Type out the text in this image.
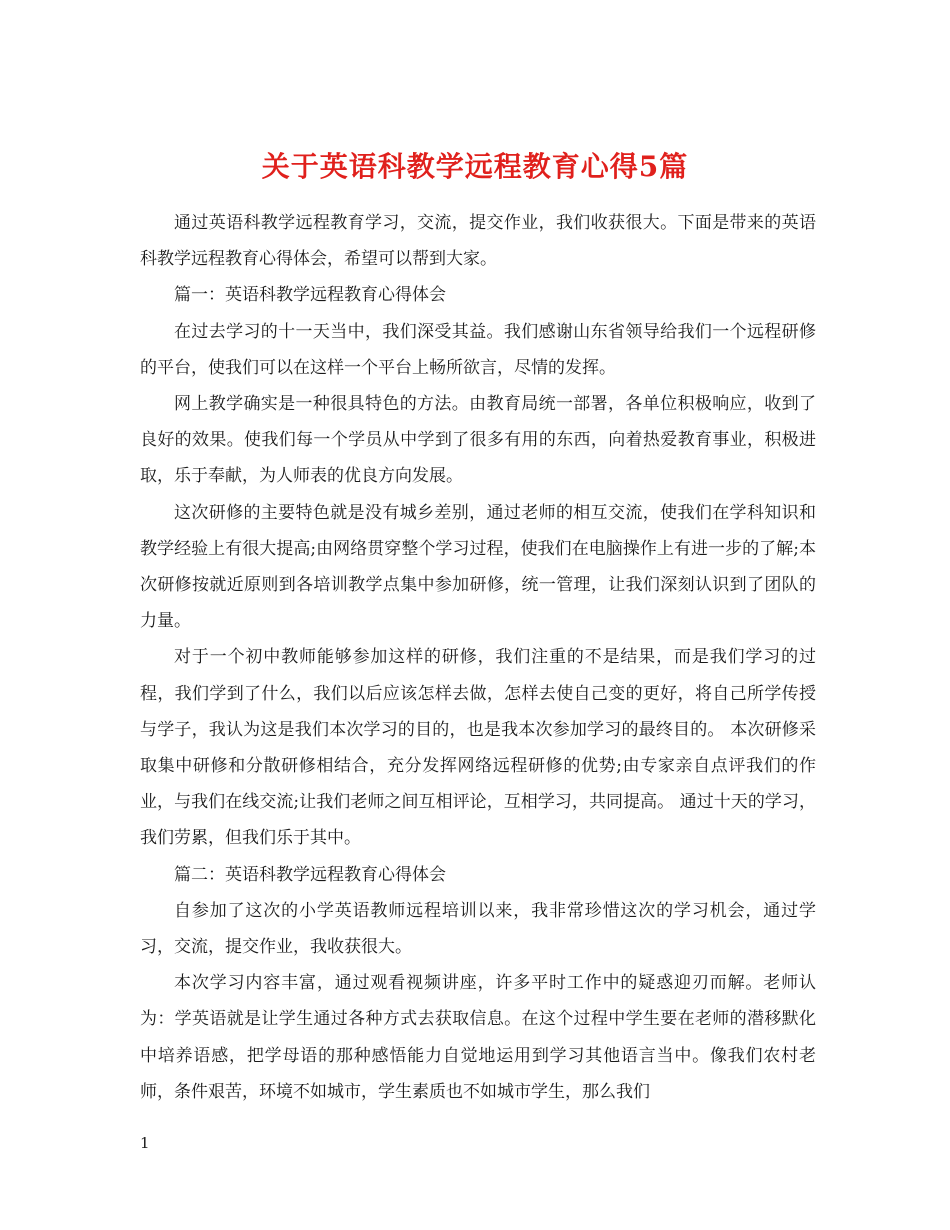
关于英语科教学远程教育心得5篇

通过英语科教学远程教育学习，交流，提交作业，我们收获很大。下面是带来的英语科教学远程教育心得体会，希望可以帮到大家。

篇一：英语科教学远程教育心得体会

在过去学习的十一天当中，我们深受其益。我们感谢山东省领导给我们一个远程研修的平台，使我们可以在这样一个平台上畅所欲言，尽情的发挥。

网上教学确实是一种很具特色的方法。由教育局统一部署，各单位积极响应，收到了良好的效果。使我们每一个学员从中学到了很多有用的东西，向着热爱教育事业，积极进取，乐于奉献，为人师表的优良方向发展。

这次研修的主要特色就是没有城乡差别，通过老师的相互交流，使我们在学科知识和教学经验上有很大提高;由网络贯穿整个学习过程，使我们在电脑操作上有进一步的了解;本次研修按就近原则到各培训教学点集中参加研修，统一管理，让我们深刻认识到了团队的力量。

对于一个初中教师能够参加这样的研修，我们注重的不是结果，而是我们学习的过程，我们学到了什么，我们以后应该怎样去做，怎样去使自己变的更好，将自己所学传授与学子，我认为这是我们本次学习的目的，也是我本次参加学习的最终目的。 本次研修采取集中研修和分散研修相结合，充分发挥网络远程研修的优势;由专家亲自点评我们的作业，与我们在线交流;让我们老师之间互相评论，互相学习，共同提高。 通过十天的学习，我们劳累，但我们乐于其中。

篇二：英语科教学远程教育心得体会

自参加了这次的小学英语教师远程培训以来，我非常珍惜这次的学习机会，通过学习，交流，提交作业，我收获很大。

本次学习内容丰富，通过观看视频讲座，许多平时工作中的疑惑迎刃而解。老师认为：学英语就是让学生通过各种方式去获取信息。在这个过程中学生要在老师的潜移默化中培养语感，把学母语的那种感悟能力自觉地运用到学习其他语言当中。像我们农村老师，条件艰苦，环境不如城市，学生素质也不如城市学生，那么我们

1
